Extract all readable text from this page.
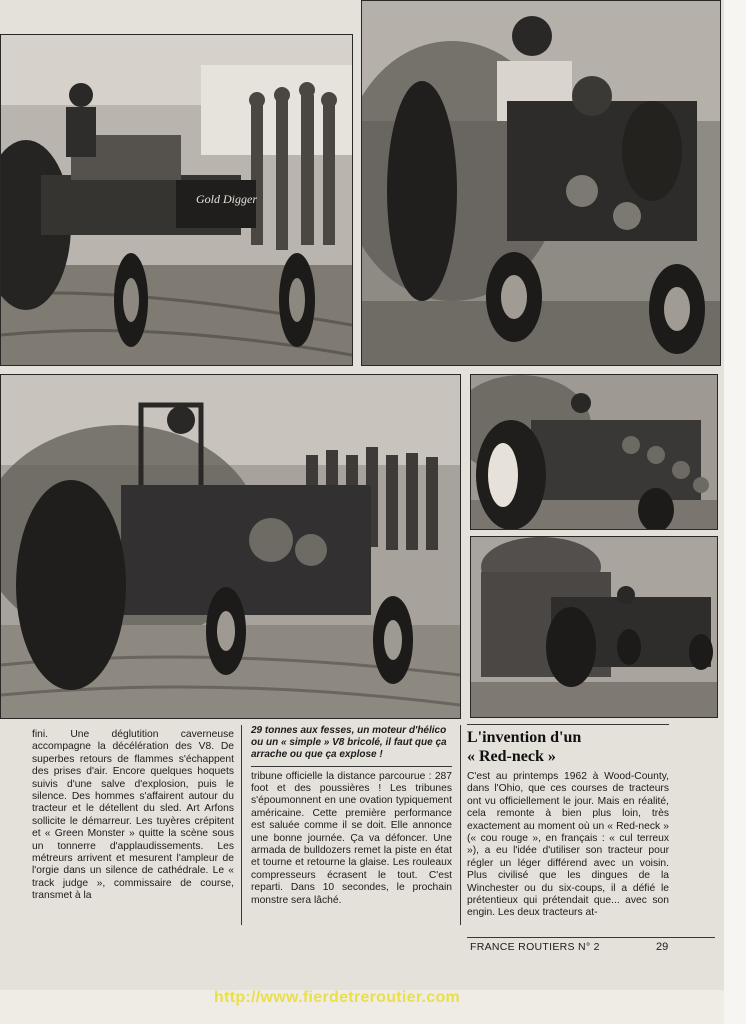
Gold Digger

fini. Une déglutition caverneuse accompagne la décélération des V8. De superbes retours de flammes s'échappent des prises d'air. Encore quelques hoquets suivis d'une salve d'explosion, puis le silence. Des hommes s'affairent autour du tracteur et le détellent du sled. Art Arfons sollicite le démarreur. Les tuyères crépitent et « Green Monster » quitte la scène sous un tonnerre d'applaudissements. Les métreurs arrivent et mesurent l'ampleur de l'orgie dans un silence de cathédrale. Le « track judge », commissaire de course, transmet à la

29 tonnes aux fesses, un moteur d'hélico ou un « simple » V8 bricolé, il faut que ça arrache ou que ça explose !

tribune officielle la distance parcourue : 287 foot et des poussières ! Les tribunes s'époumonnent en une ovation typiquement américaine. Cette première performance est saluée comme il se doit. Elle annonce une bonne journée. Ça va défoncer. Une armada de bulldozers remet la piste en état et tourne et retourne la glaise. Les rouleaux compresseurs écrasent le tout. C'est reparti. Dans 10 secondes, le prochain monstre sera lâché.

L'invention d'un
« Red-neck »

C'est au printemps 1962 à Wood-County, dans l'Ohio, que ces courses de tracteurs ont vu officiellement le jour. Mais en réalité, cela remonte à bien plus loin, très exactement au moment où un « Red-neck » (« cou rouge », en français : « cul terreux »), a eu l'idée d'utiliser son tracteur pour régler un léger différend avec un voisin. Plus civilisé que les dingues de la Winchester ou du six-coups, il a défié le prétentieux qui prétendait que... avec son engin. Les deux tracteurs at-

FRANCE ROUTIERS N° 2	29
http://www.fierdetreroutier.com
